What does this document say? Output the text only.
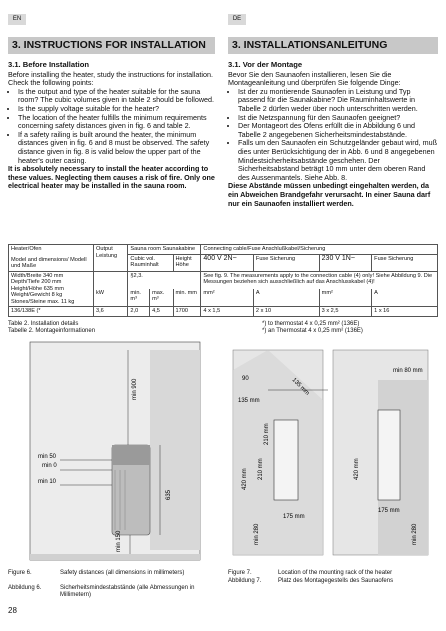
EN	DE
3. INSTRUCTIONS FOR INSTALLATION	3. INSTALLATIONSANLEITUNG
3.1. Before Installation

Before installing the heater, study the instructions for installation. Check the following points:

• Is the output and type of the heater suitable for the sauna room? The cubic volumes given in table 2 should be followed.
• Is the supply voltage suitable for the heater?
• The location of the heater fulfills the minimum requirements concerning safety distances given in fig. 6 and table 2.
• If a safety railing is built around the heater, the minimum distances given in fig. 6 and 8 must be observed. The safety distance given in fig. 8 is valid below the upper part of the heater's outer casing.

It is absolutely necessary to install the heater according to these values. Neglecting them causes a risk of fire. Only one electrical heater may be installed in the sauna room.

3.1. Vor der Montage

Bevor Sie den Saunaofen installieren, lesen Sie die Montageanleitung und überprüfen Sie folgende Dinge:

• Ist der zu montierende Saunaofen in Leistung und Typ passend für die Saunakabine? Die Rauminhaltswerte in Tabelle 2 dürfen weder über noch unterschritten werden.
• Ist die Netzspannung für den Saunaofen geeignet?
• Der Montageort des Ofens erfüllt die in Abbildung 6 und Tabelle 2 angegebenen Sicherheitsmindestabstände.
• Falls um den Saunaofen ein Schutzgeländer gebaut wird, muß dies unter Berücksichtigung der in Abb. 6 und 8 angegebenen Mindestsicherheitsabstände geschehen. Der Sicherheitsabstand beträgt 10 mm unter dem oberen Rand des Aussenmantels. Siehe Abb. 8.

Diese Abstände müssen unbedingt eingehalten werden, da ein Abweichen Brandgefahr verursacht. In einer Sauna darf nur ein Saunaofen installiert werden.

Heater/Ofen
Model and dimensions/ Modell und Maße	Output Leistung	Sauna room Saunakabine			Connecting cable/Fuse Anschlußkabel/Sicherung			
		Cubic vol. Rauminhalt		Height Höhe	400 V 2N~	Fuse Sicherung	230 V 1N~	Fuse Sicherung
Width/Breite 340 mm Depth/Tiefe 200 mm Height/Höhe 635 mm Weight/Gewicht 8 kg Stones/Steine max. 11 kg		§2,3.			See fig. 9. The measurements apply to the connection cable (4) only! Siehe Abbildung 9. Die Messungen beziehen sich ausschließlich auf das Anschlusskabel (4)!			
	kW	min. m³	max. m³	min. mm	mm²	A	mm²	A
136/138E (*	3,6	2,0	4,5	1700	4 x 1,5	2 x 10	3 x 2,5	1 x 16
Table 2. Installation details
Tabelle 2. Montageinformationen
*) to thermostat 4 x 0,25 mm² (136E)
*) an Thermostat 4 x 0,25 mm² (136E)
min 50
min 0
min 10
min 900
635
min 150
90
135 mm
135 mm
420 mm 210 mm
210 mm
175 mm
min 280
min 80 mm
420 mm
175 mm
min 280
Figure 6.	Safety distances (all dimensions in millimeters)
Abbildung 6.	Sicherheitsmindestabstände (alle Abmessungen in Millimetern)
Figure 7.	Location of the mounting rack of the heater
Abbildung 7.	Platz des Montagegestells des Saunaofens
28
